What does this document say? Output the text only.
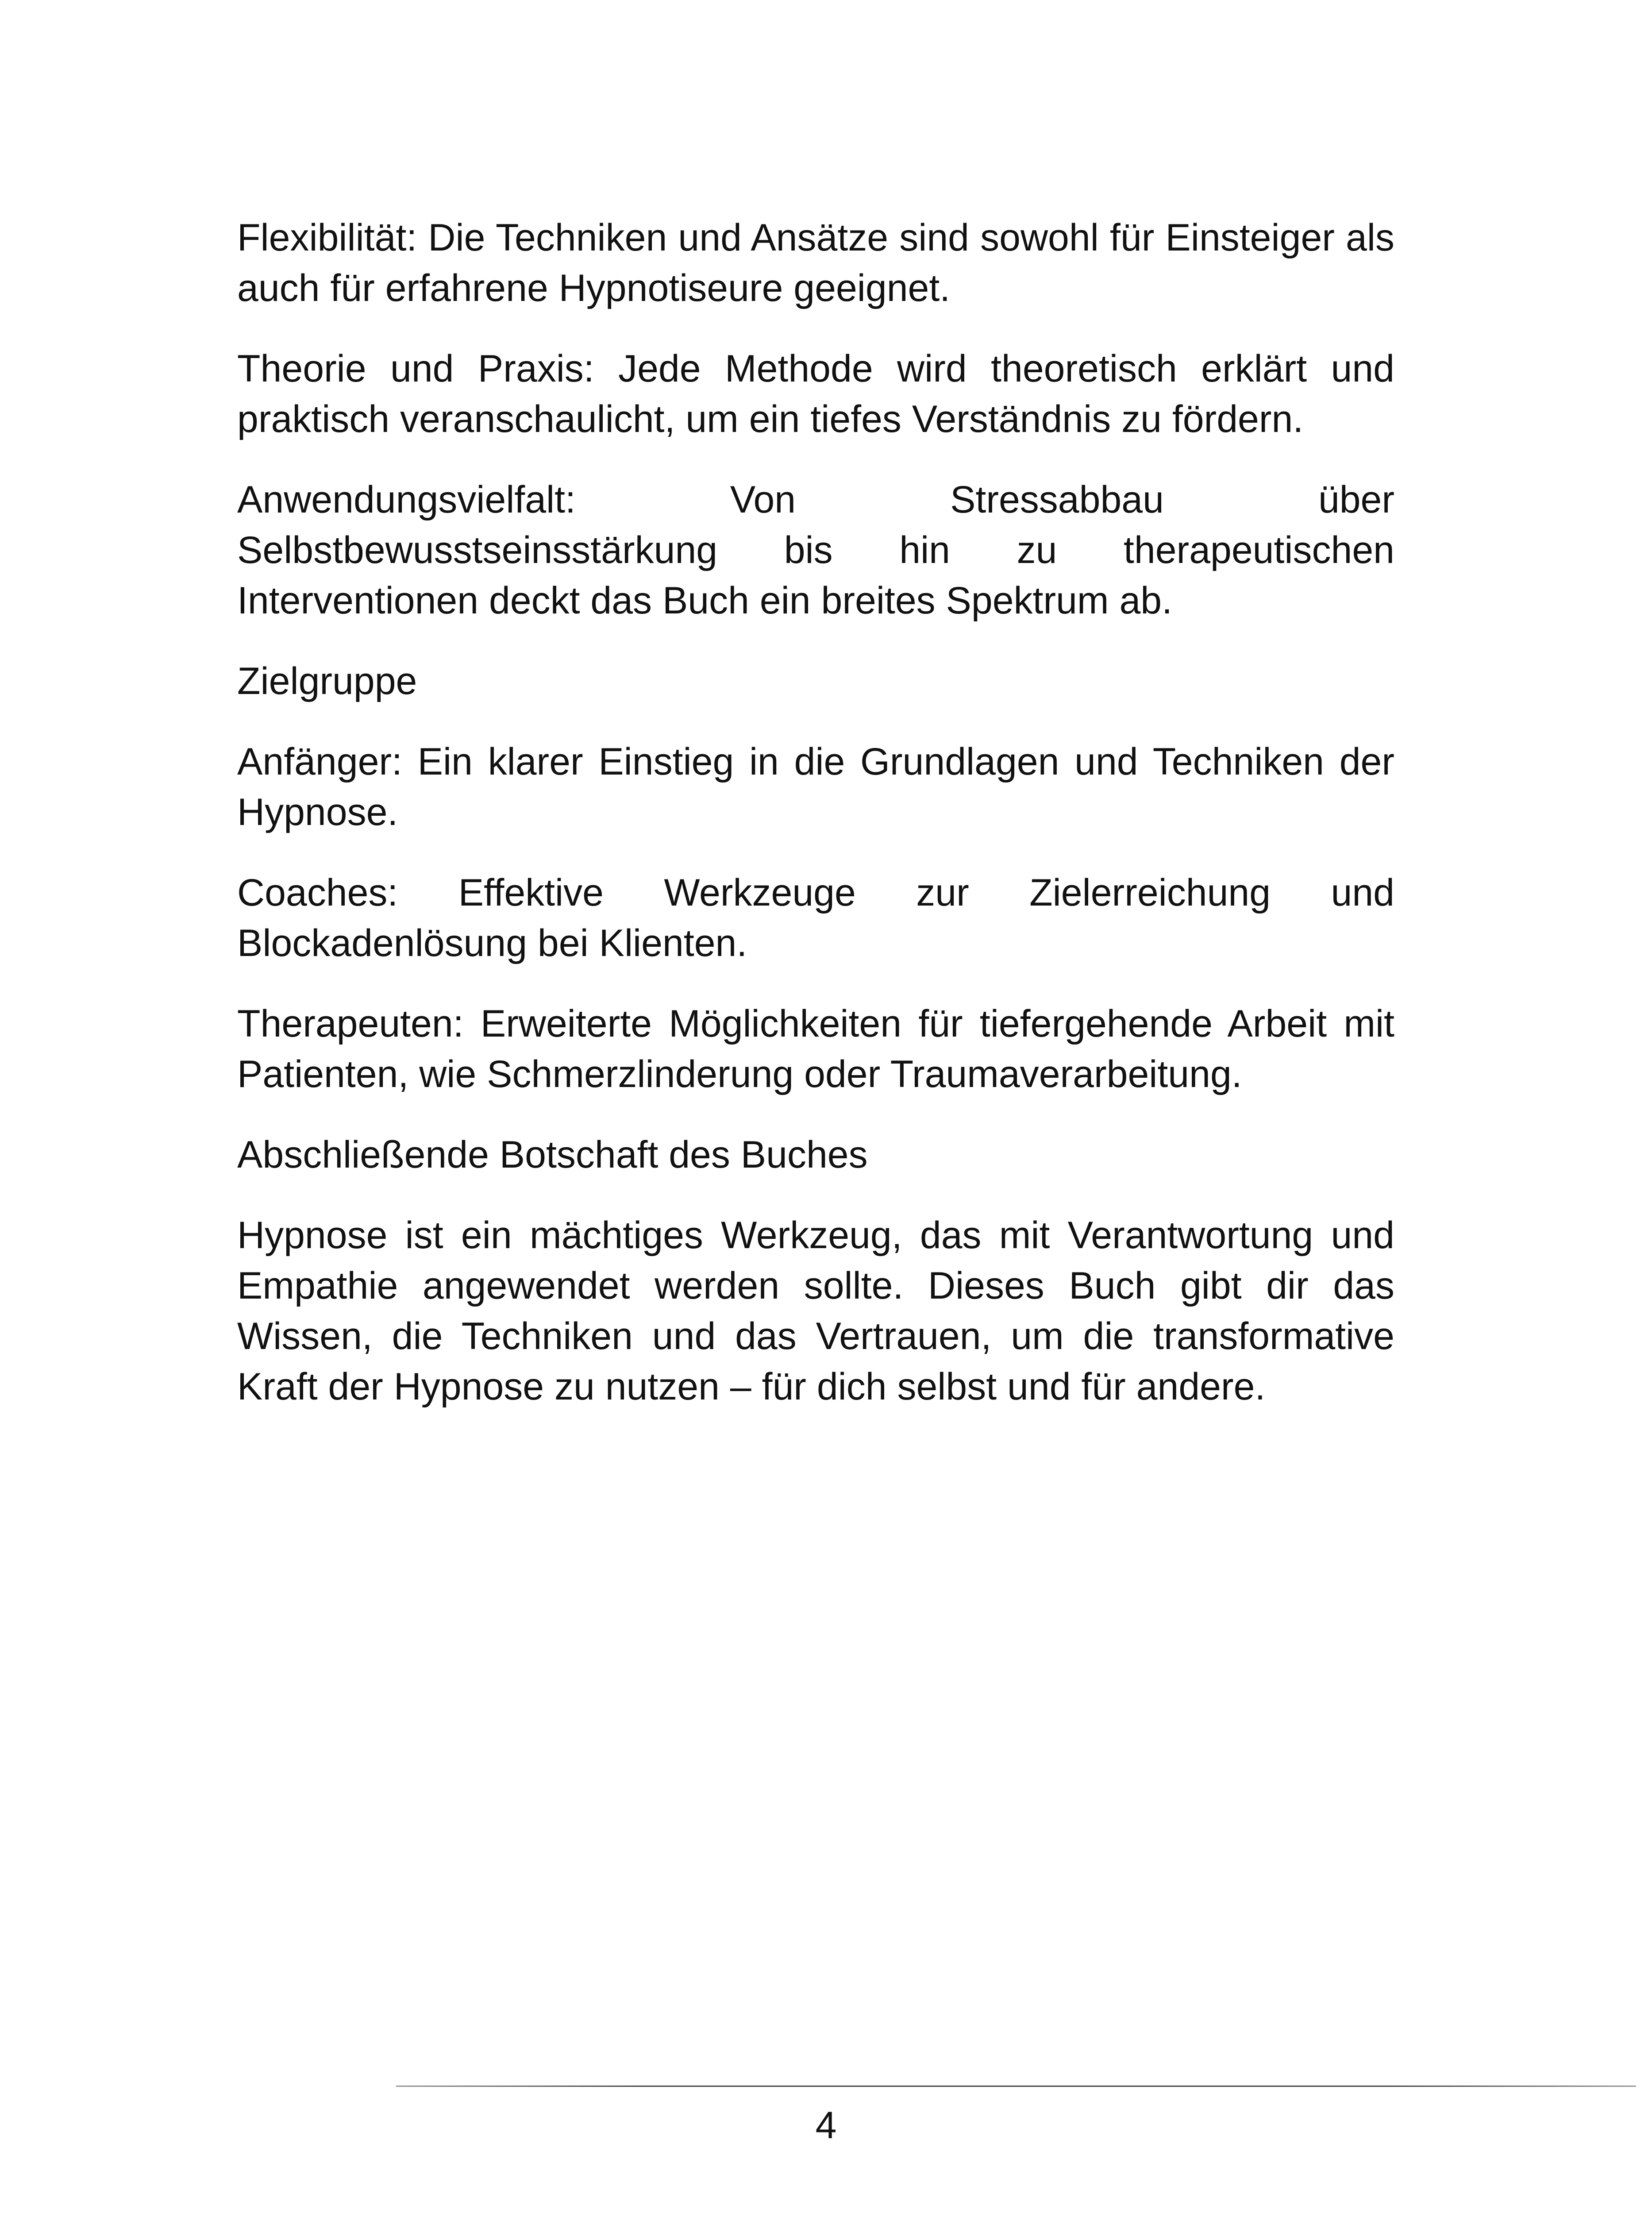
Flexibilität: Die Techniken und Ansätze sind sowohl für Einsteiger als auch für erfahrene Hypnotiseure geeignet.

Theorie und Praxis: Jede Methode wird theoretisch erklärt und praktisch veranschaulicht, um ein tiefes Verständnis zu fördern.

Anwendungsvielfalt: Von Stressabbau über Selbstbewusstseinsstärkung bis hin zu therapeutischen Interventionen deckt das Buch ein breites Spektrum ab.

Zielgruppe

Anfänger: Ein klarer Einstieg in die Grundlagen und Techniken der Hypnose.

Coaches: Effektive Werkzeuge zur Zielerreichung und Blockadenlösung bei Klienten.

Therapeuten: Erweiterte Möglichkeiten für tiefergehende Arbeit mit Patienten, wie Schmerzlinderung oder Traumaverarbeitung.

Abschließende Botschaft des Buches

Hypnose ist ein mächtiges Werkzeug, das mit Verantwortung und Empathie angewendet werden sollte. Dieses Buch gibt dir das Wissen, die Techniken und das Vertrauen, um die transformative Kraft der Hypnose zu nutzen – für dich selbst und für andere.

4
